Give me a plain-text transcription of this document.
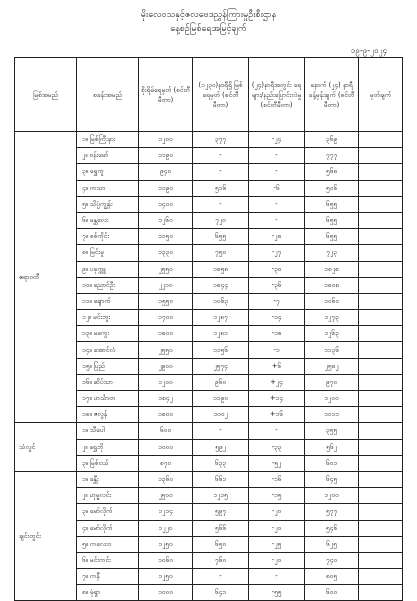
မိုးလေဝသနှင့်ဇလဗေဒညွှန်ကြားမှုဦးစီးဌာန
နေ့စဉ်မြစ်ရေအမြင့်ချက်
၁၉-၉-၂၀၂၄
မြစ်အမည်	စခန်းအမည်	စိုးရိမ်ရေမှတ် (စင်တီမီတာ)	(၁၂၃၀)နာရီရှိ မြစ်ရေမှတ် (စင်တီမီတာ)	(၂၄)နာရီအတွင်း ရေများ/နည်းပြောင်းလဲမှု (စင်တီမီတာ)	နောက် (၂၄) နာရီ ခန့်မှန်းချက် (စင်တီမီတာ)	မှတ်ချက်
ဧရာဝတီ	၁။ မြစ်ကြီးနား	၁၂၀၀	၃၇၇	-၂၄	၃၆၉	
	၂။ ဗန်းမော်	၁၁၉၀	-	-	၇၇၇	
	၃။ ရွှေကူ	၉၄၀	-	-	၅၆၈	
	၄။ ကသာ	၁၁၉၀	၅၁၆	-၆	၅၀၆	
	၅။ သိပ္ပံကျွန်း	၁၄၀၀	-	-	၆၅၅	
	၆။ မန္တလေး	၁၂၆၀	၇၂၀	-	၆၅၅	
	၇။ စစ်ကိုင်း	၁၁၅၀	၆၅၅	-၂၈	၆၅၅	
	၈။ မြင်းမူ	၁၃၃၀	၇၅၀	-၂၇	၇၂၃	
	၉။ ပခုက္ကူ	၂၅၅၀	၁၈၅၈	-၃၀	၁၈၂၈	
	၁၀။ ညောင်ဦး	၂၂၁၀	၁၈၄၄	-၃၆	၁၈၀၈	
	၁၁။ ချောက်	၁၅၅၀	၁၀၆၃	-၇	၁၀၆၀	
	၁၂။ မင်းဘူး	၁၇၀၀	၁၂၈၇	-၁၄	၁၂၇၃	
	၁၃။ မကွေး	၁၈၀၀	၁၂၈၁	-၁၈	၁၂၆၃	
	၁၄။ အောင်လံ	၂၅၅၀	၁၁၅၆	-၁	၁၁၃၆	
	၁၅။ ပြည်	၂၉၀၀	၂၅၇၄	+၆	၂၅၈၂	
	၁၆။ ဆိပ်သာ	၁၂၀၀	၉၆၀	+၂၄	၉၇၀	
	၁၇။ ဟင်္သာတ	၁၈၄၂	၁၁၉၀	+၁၄	၁၂၀၀	
	၁၈။ ဇလွန်	၁၈၀၀	၁၀၀၂	+၁၆	၁၀၁၁	
သံလွင်	၁။ သီပေါ	၆၀၀	-	-	၃၅၅	
	၂။ ရွှေဘို	၁၀၀၀	၅၉၂	-၃၃	၅၆၂	
	၃။ မြစ်ငယ်	၈၇၀	၆၃၃	-၅၂	၆၀၁	
ချင်းတွင်း	၁။ ခန္တီး	၁၃၆၀	၆၆၁	-၁၆	၆၄၅	
	၂။ ဟုမ္မလင်း	၂၅၀၀	၁၂၁၅	-၁၅	၁၂၀၀	
	၃။ မော်လိုက်	၁၂၁၄	၅၉၇	-၂၀	၅၇၇	
	၄။ မော်လိုက်	၁၂၂၀	၅၆၆	-၂၀	၅၄၆	
	၅။ ကလေးဝ	၁၂၅၀	၆၅၀	-၂၅	၆၂၅	
	၆။ မင်းကင်း	၁၀၆၀	၇၆၀	-၂၀	၇၄၀	
	၇။ ကနီ	၁၂၅၀	-	-	၈၀၅	
	၈။ မုံရွာ	၁၀၀၀	၆၄၁	-၅၅	၆၀၀	
